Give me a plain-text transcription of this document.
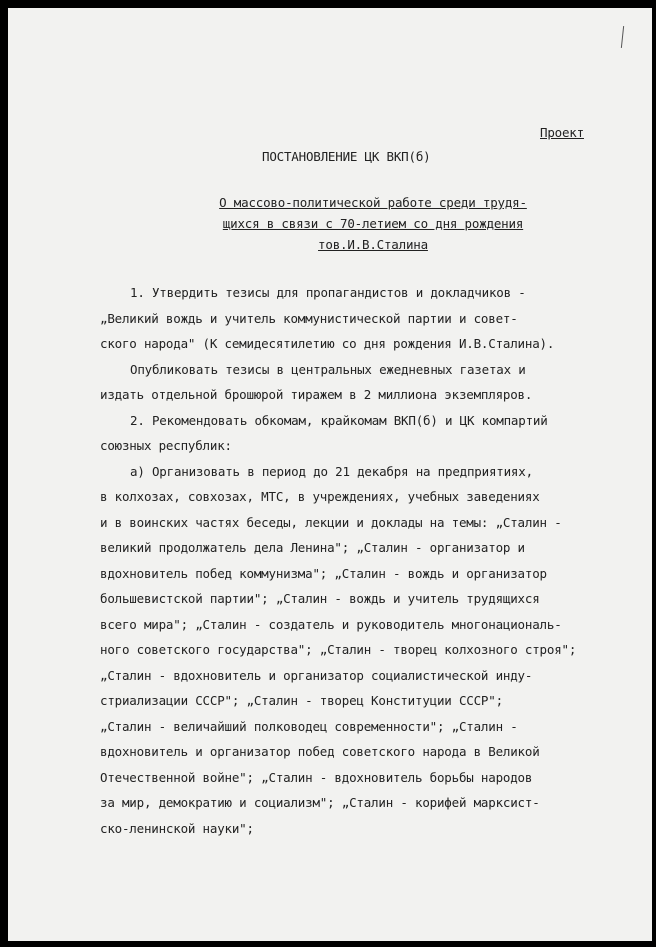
Проект
ПОСТАНОВЛЕНИЕ ЦК ВКП(б)
О массово-политической работе среди трудя-
щихся в связи с 70-летием со дня рождения
тов.И.В.Сталина
1. Утвердить тезисы для пропагандистов и докладчиков -
„Великий вождь и учитель коммунистической партии и совет-
ского народа" (К семидесятилетию со дня рождения И.В.Сталина).
Опубликовать тезисы в центральных ежедневных газетах и
издать отдельной брошюрой тиражем в 2 миллиона экземпляров.
2. Рекомендовать обкомам, крайкомам ВКП(б) и ЦК компартий
союзных республик:
а) Организовать в период до 21 декабря на предприятиях,
в колхозах, совхозах, МТС, в учреждениях, учебных заведениях
и в воинских частях беседы, лекции и доклады на темы: „Сталин -
великий продолжатель дела Ленина"; „Сталин - организатор и
вдохновитель побед коммунизма"; „Сталин - вождь и организатор
большевистской партии"; „Сталин - вождь и учитель трудящихся
всего мира"; „Сталин - создатель и руководитель многонациональ-
ного советского государства"; „Сталин - творец колхозного строя";
„Сталин - вдохновитель и организатор социалистической инду-
стриализации СССР"; „Сталин - творец Конституции СССР";
„Сталин - величайший полководец современности"; „Сталин -
вдохновитель и организатор побед советского народа в Великой
Отечественной войне"; „Сталин - вдохновитель борьбы народов
за мир, демократию и социализм"; „Сталин - корифей марксист-
ско-ленинской науки";
